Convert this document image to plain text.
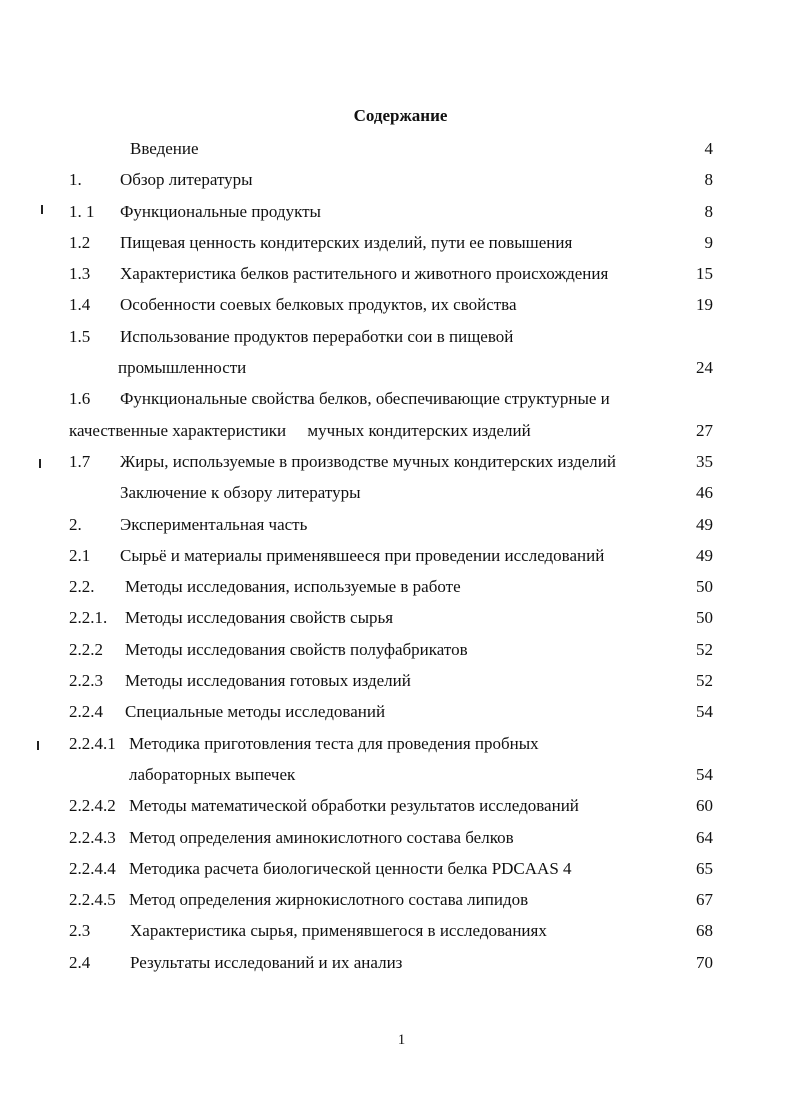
Содержание
Введение	4
1. Обзор литературы	8
1. 1 Функциональные продукты	8
1.2 Пищевая ценность кондитерских изделий, пути ее повышения	9
1.3 Характеристика белков растительного и животного происхождения	15
1.4 Особенности соевых белковых продуктов, их свойства	19
1.5 Использование продуктов переработки сои в пищевой
промышленности	24
1.6 Функциональные свойства белков, обеспечивающие структурные и
качественные характеристики     мучных кондитерских изделий	27
1.7 Жиры, используемые в производстве мучных кондитерских изделий	35
Заключение к обзору литературы	46
2. Экспериментальная часть	49
2.1 Сырьё и материалы применявшееся при проведении исследований	49
2.2. Методы исследования, используемые в работе	50
2.2.1. Методы исследования свойств сырья	50
2.2.2 Методы исследования свойств полуфабрикатов	52
2.2.3 Методы исследования готовых изделий	52
2.2.4 Специальные методы исследований	54
2.2.4.1 Методика приготовления теста для проведения пробных
лабораторных выпечек	54
2.2.4.2 Методы математической обработки результатов исследований	60
2.2.4.3 Метод определения аминокислотного состава белков	64
2.2.4.4 Методика расчета биологической ценности белка PDCAAS 4	65
2.2.4.5 Метод определения жирнокислотного состава липидов	67
2.3 Характеристика сырья, применявшегося в исследованиях	68
2.4 Результаты исследований и их анализ	70
1
